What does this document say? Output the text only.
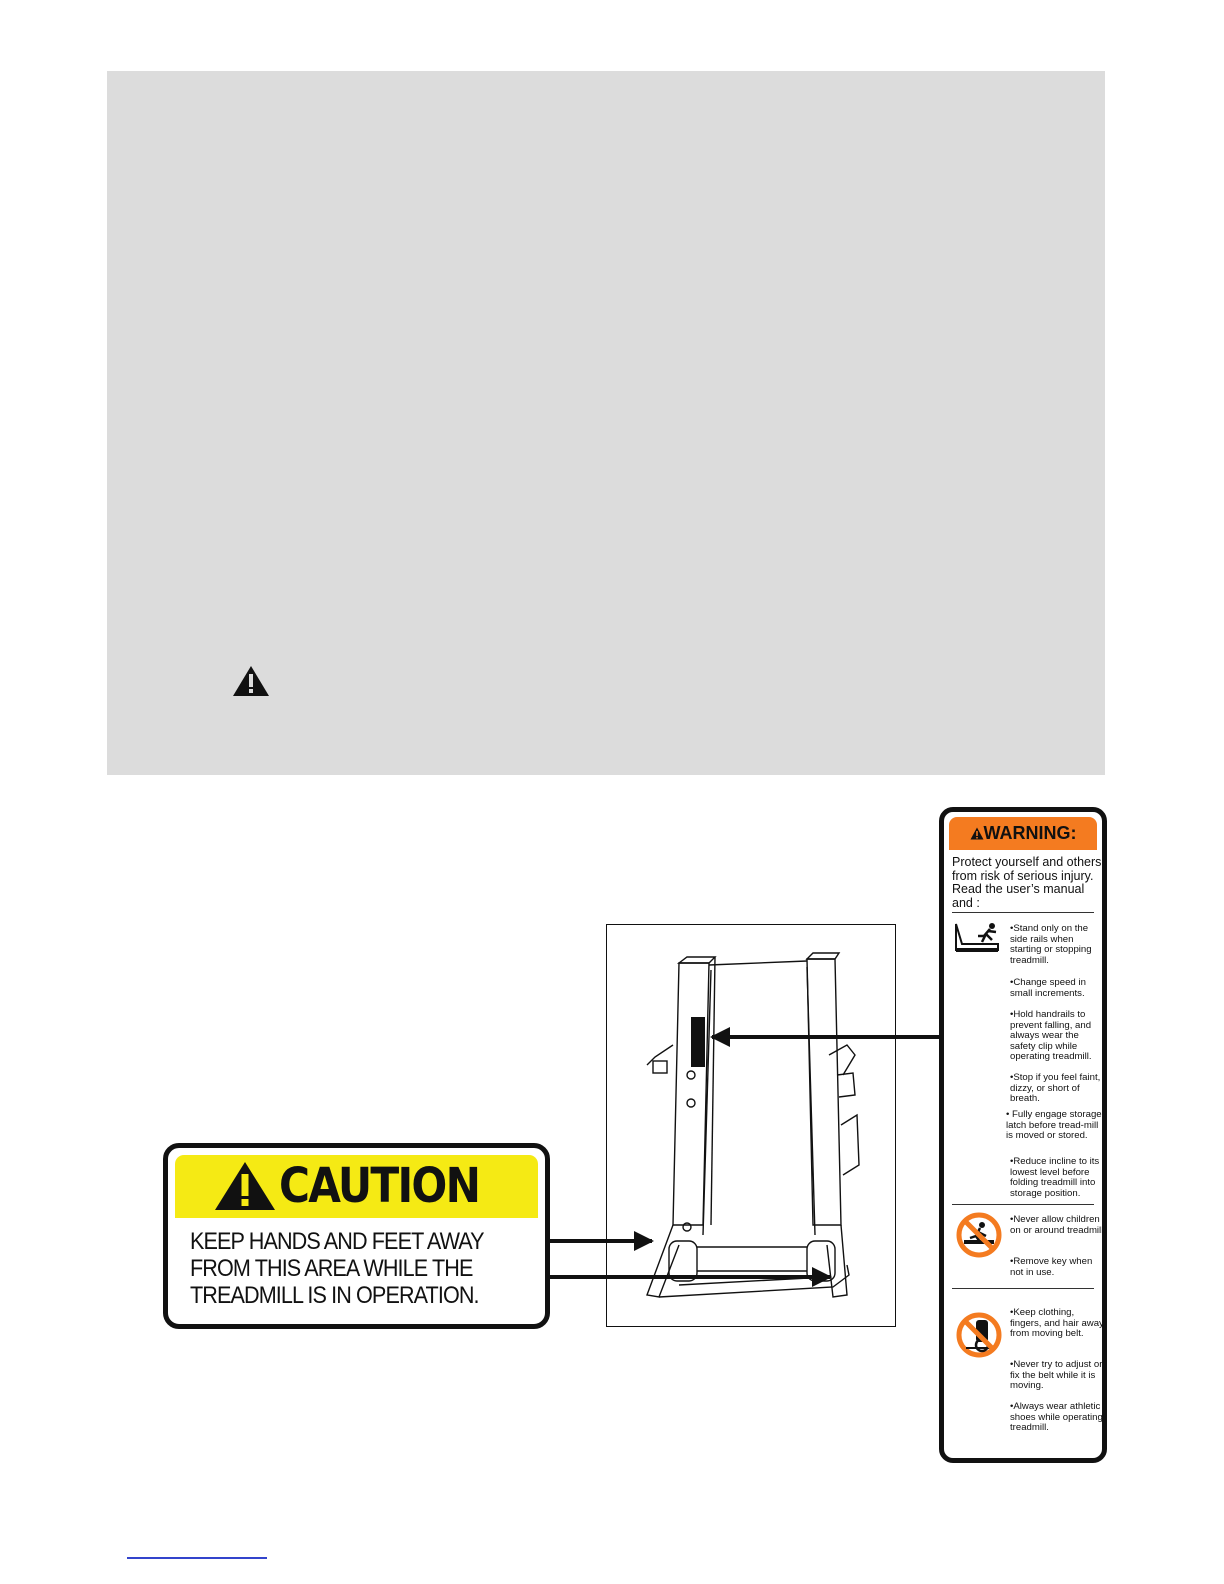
CAUTION
KEEP HANDS AND FEET AWAY
FROM THIS AREA WHILE THE
TREADMILL IS IN OPERATION.
WARNING:
Protect yourself and others from risk of serious injury. Read the user’s manual and :
•Stand only on the side rails when starting or stopping treadmill.
•Change speed in small increments.
•Hold handrails to prevent falling, and always wear the safety clip while operating treadmill.
•Stop if you feel faint, dizzy, or short of breath.
• Fully engage storage latch before tread-mill is moved or stored.
•Reduce incline to its lowest level before folding treadmill into storage position.
•Never allow children on or around treadmill.
•Remove key when not in use.
•Keep clothing, fingers, and hair away from moving belt.
•Never try to adjust or fix the belt while it is moving.
•Always wear athletic shoes while operating treadmill.
